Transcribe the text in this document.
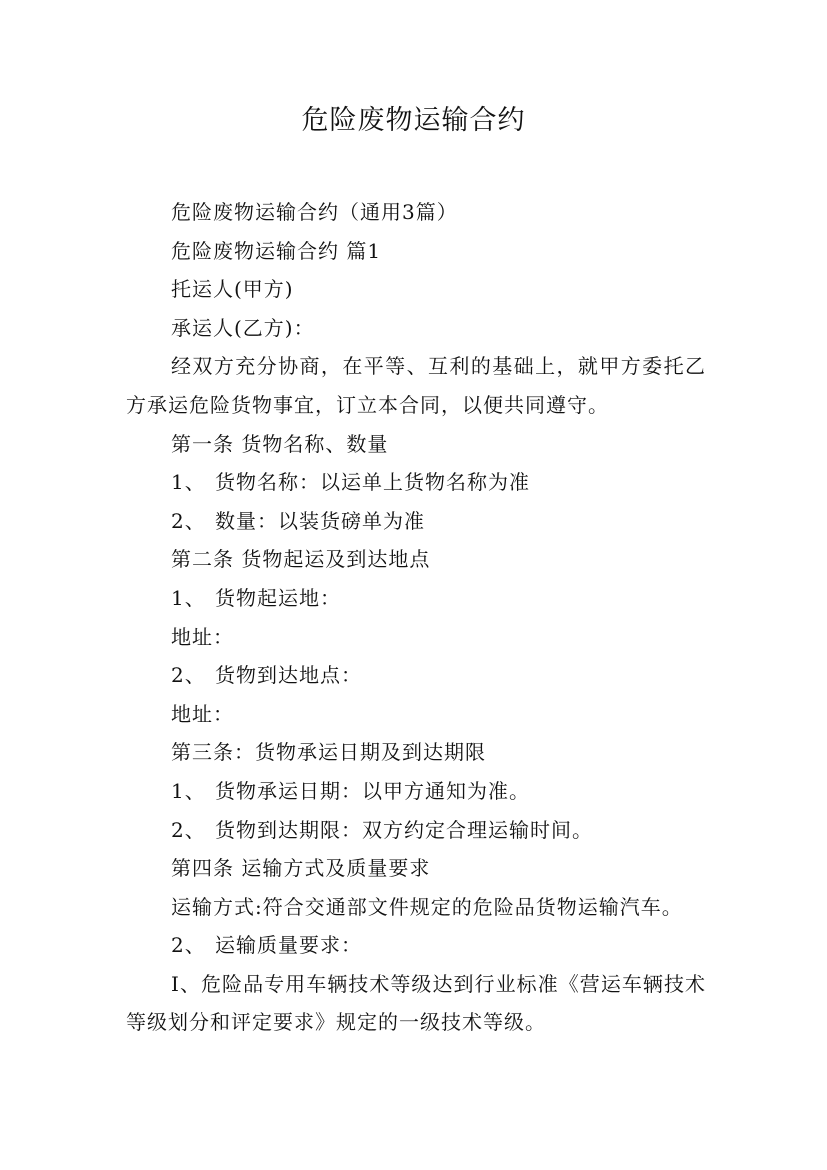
危险废物运输合约
危险废物运输合约（通用3篇）
危险废物运输合约 篇1
托运人(甲方)
承运人(乙方)：
经双方充分协商，在平等、互利的基础上，就甲方委托乙方承运危险货物事宜，订立本合同，以便共同遵守。
第一条 货物名称、数量
1、 货物名称：以运单上货物名称为准
2、 数量：以装货磅单为准
第二条 货物起运及到达地点
1、 货物起运地：
地址：
2、 货物到达地点：
地址：
第三条：货物承运日期及到达期限
1、 货物承运日期：以甲方通知为准。
2、 货物到达期限：双方约定合理运输时间。
第四条 运输方式及质量要求
运输方式:符合交通部文件规定的危险品货物运输汽车。
2、 运输质量要求：
Ⅰ、危险品专用车辆技术等级达到行业标准《营运车辆技术等级划分和评定要求》规定的一级技术等级。
